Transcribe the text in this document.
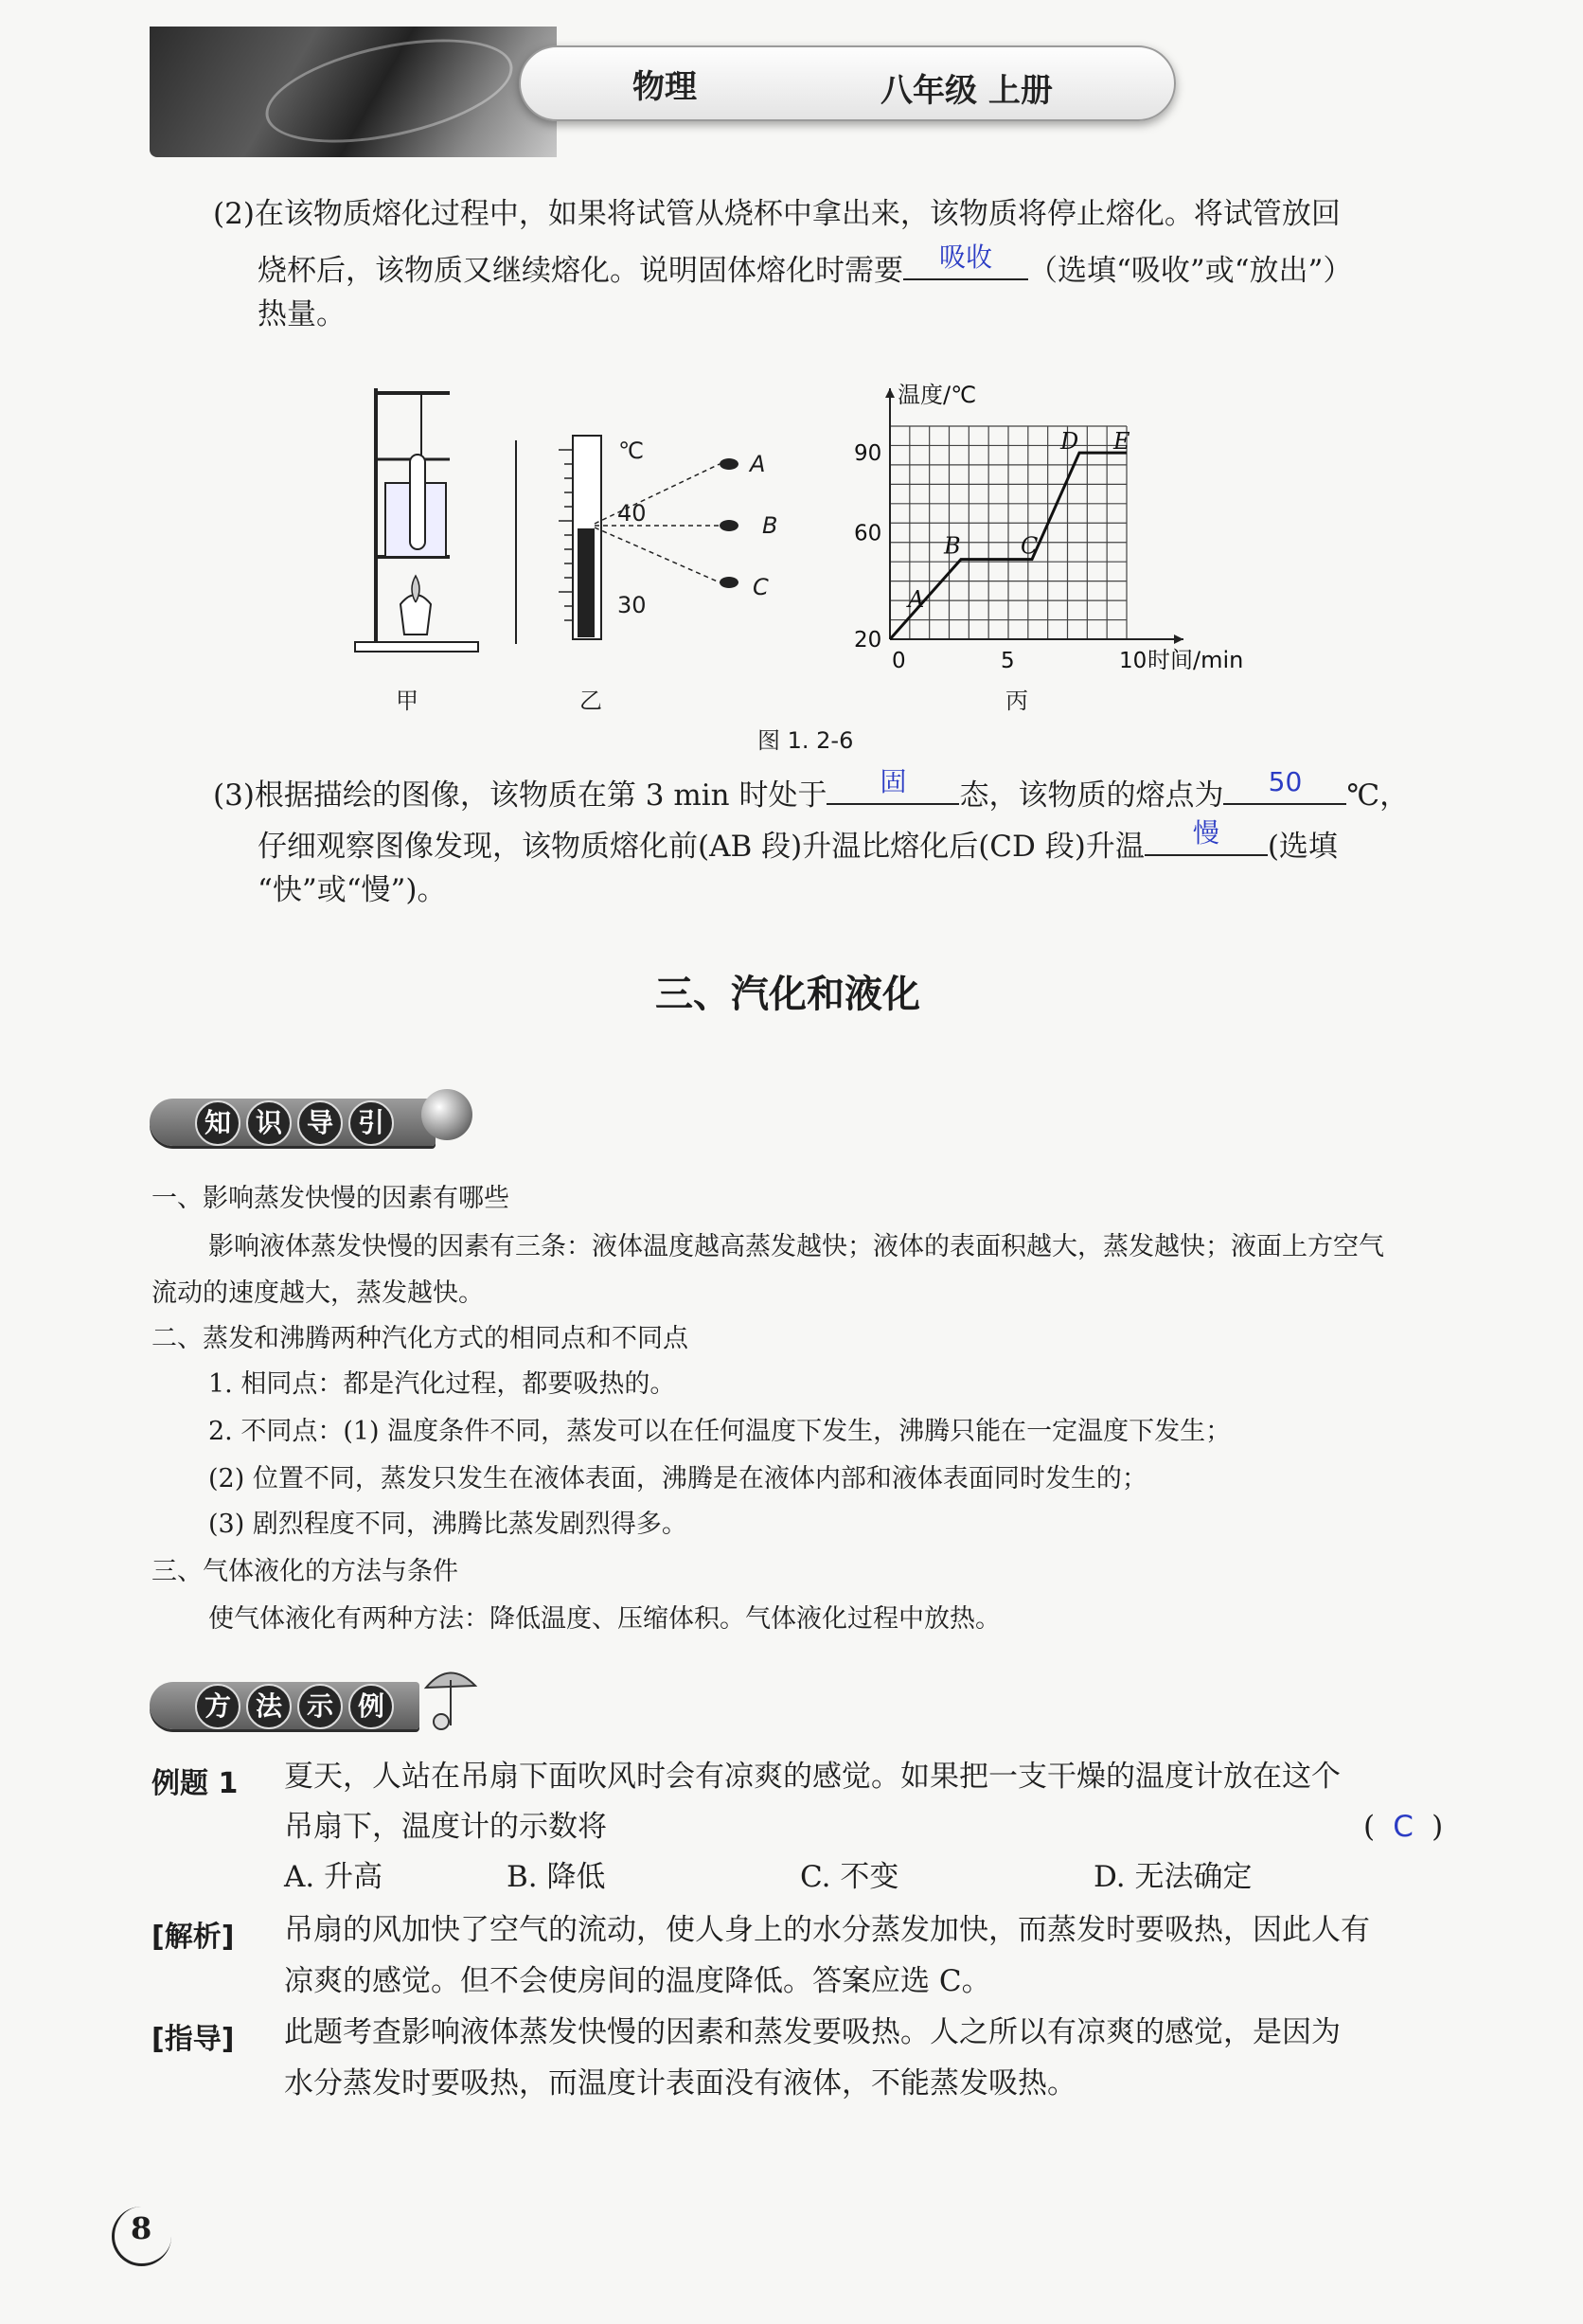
物理	八年级 上册
(2)在该物质熔化过程中，如果将试管从烧杯中拿出来，该物质将停止熔化。将试管放回
烧杯后，该物质又继续熔化。说明固体熔化时需要	吸收	（选填“吸收”或“放出”）
热量。
甲
℃
40
30
A
B
C
乙
A
B	C
D E
0	5	10
20
60
90
温度/℃
时间/min
丙
图 1. 2-6
(3)根据描绘的图像，该物质在第 3 min 时处于	固	态，该物质的熔点为	50	℃，
仔细观察图像发现，该物质熔化前(AB 段)升温比熔化后(CD 段)升温	慢	(选填
“快”或“慢”)。
三、汽化和液化
知 识 导 引
一、影响蒸发快慢的因素有哪些
影响液体蒸发快慢的因素有三条：液体温度越高蒸发越快；液体的表面积越大，蒸发越快；液面上方空气
流动的速度越大，蒸发越快。
二、蒸发和沸腾两种汽化方式的相同点和不同点
1. 相同点：都是汽化过程，都要吸热的。
2. 不同点：(1) 温度条件不同，蒸发可以在任何温度下发生，沸腾只能在一定温度下发生；
(2) 位置不同，蒸发只发生在液体表面，沸腾是在液体内部和液体表面同时发生的；
(3) 剧烈程度不同，沸腾比蒸发剧烈得多。
三、气体液化的方法与条件
使气体液化有两种方法：降低温度、压缩体积。气体液化过程中放热。
方 法 示 例
例题 1 夏天，人站在吊扇下面吹风时会有凉爽的感觉。如果把一支干燥的温度计放在这个
吊扇下，温度计的示数将	( C )
A. 升高	B. 降低	C. 不变	D. 无法确定
[解析] 吊扇的风加快了空气的流动，使人身上的水分蒸发加快，而蒸发时要吸热，因此人有
凉爽的感觉。但不会使房间的温度降低。答案应选 C。
[指导] 此题考查影响液体蒸发快慢的因素和蒸发要吸热。人之所以有凉爽的感觉，是因为
水分蒸发时要吸热，而温度计表面没有液体，不能蒸发吸热。
8
